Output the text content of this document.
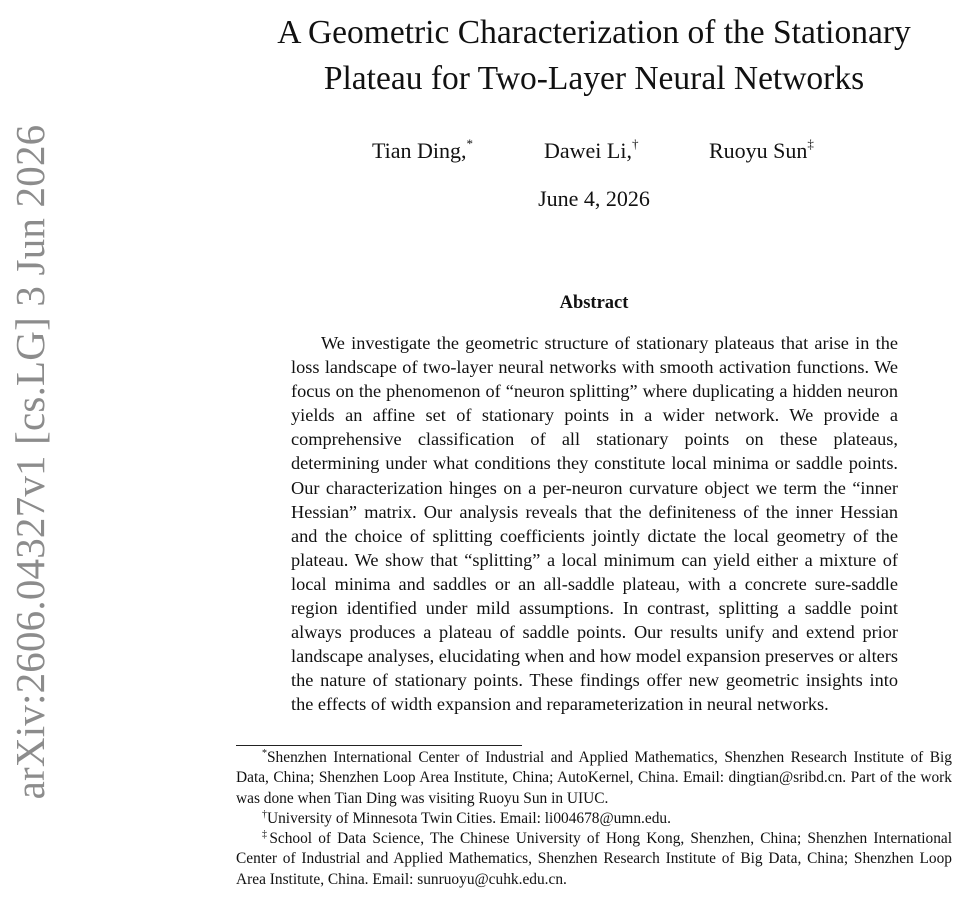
arXiv:2606.04327v1 [cs.LG] 3 Jun 2026
A Geometric Characterization of the Stationary
Plateau for Two-Layer Neural Networks
Tian Ding,*	Dawei Li,†	Ruoyu Sun‡
June 4, 2026
Abstract

We investigate the geometric structure of stationary plateaus that arise in the loss landscape of two-layer neural networks with smooth activation functions. We focus on the phenomenon of “neuron splitting” where duplicating a hidden neuron yields an affine set of stationary points in a wider network. We provide a comprehensive classification of all stationary points on these plateaus, determining under what conditions they constitute local minima or saddle points. Our characterization hinges on a per-neuron curvature object we term the “inner Hessian” matrix. Our analysis reveals that the definiteness of the inner Hessian and the choice of splitting coefficients jointly dictate the local geometry of the plateau. We show that “splitting” a local minimum can yield either a mixture of local minima and saddles or an all-saddle plateau, with a concrete sure-saddle region identified under mild assumptions. In contrast, splitting a saddle point always produces a plateau of saddle points. Our results unify and extend prior landscape analyses, elucidating when and how model expansion preserves or alters the nature of stationary points. These findings offer new geometric insights into the effects of width expansion and reparameterization in neural networks.

*Shenzhen International Center of Industrial and Applied Mathematics, Shenzhen Research Institute of Big Data, China; Shenzhen Loop Area Institute, China; AutoKernel, China. Email: dingtian@sribd.cn. Part of the work was done when Tian Ding was visiting Ruoyu Sun in UIUC.

†University of Minnesota Twin Cities. Email: li004678@umn.edu.

‡School of Data Science, The Chinese University of Hong Kong, Shenzhen, China; Shenzhen International Center of Industrial and Applied Mathematics, Shenzhen Research Institute of Big Data, China; Shenzhen Loop Area Institute, China. Email: sunruoyu@cuhk.edu.cn.
